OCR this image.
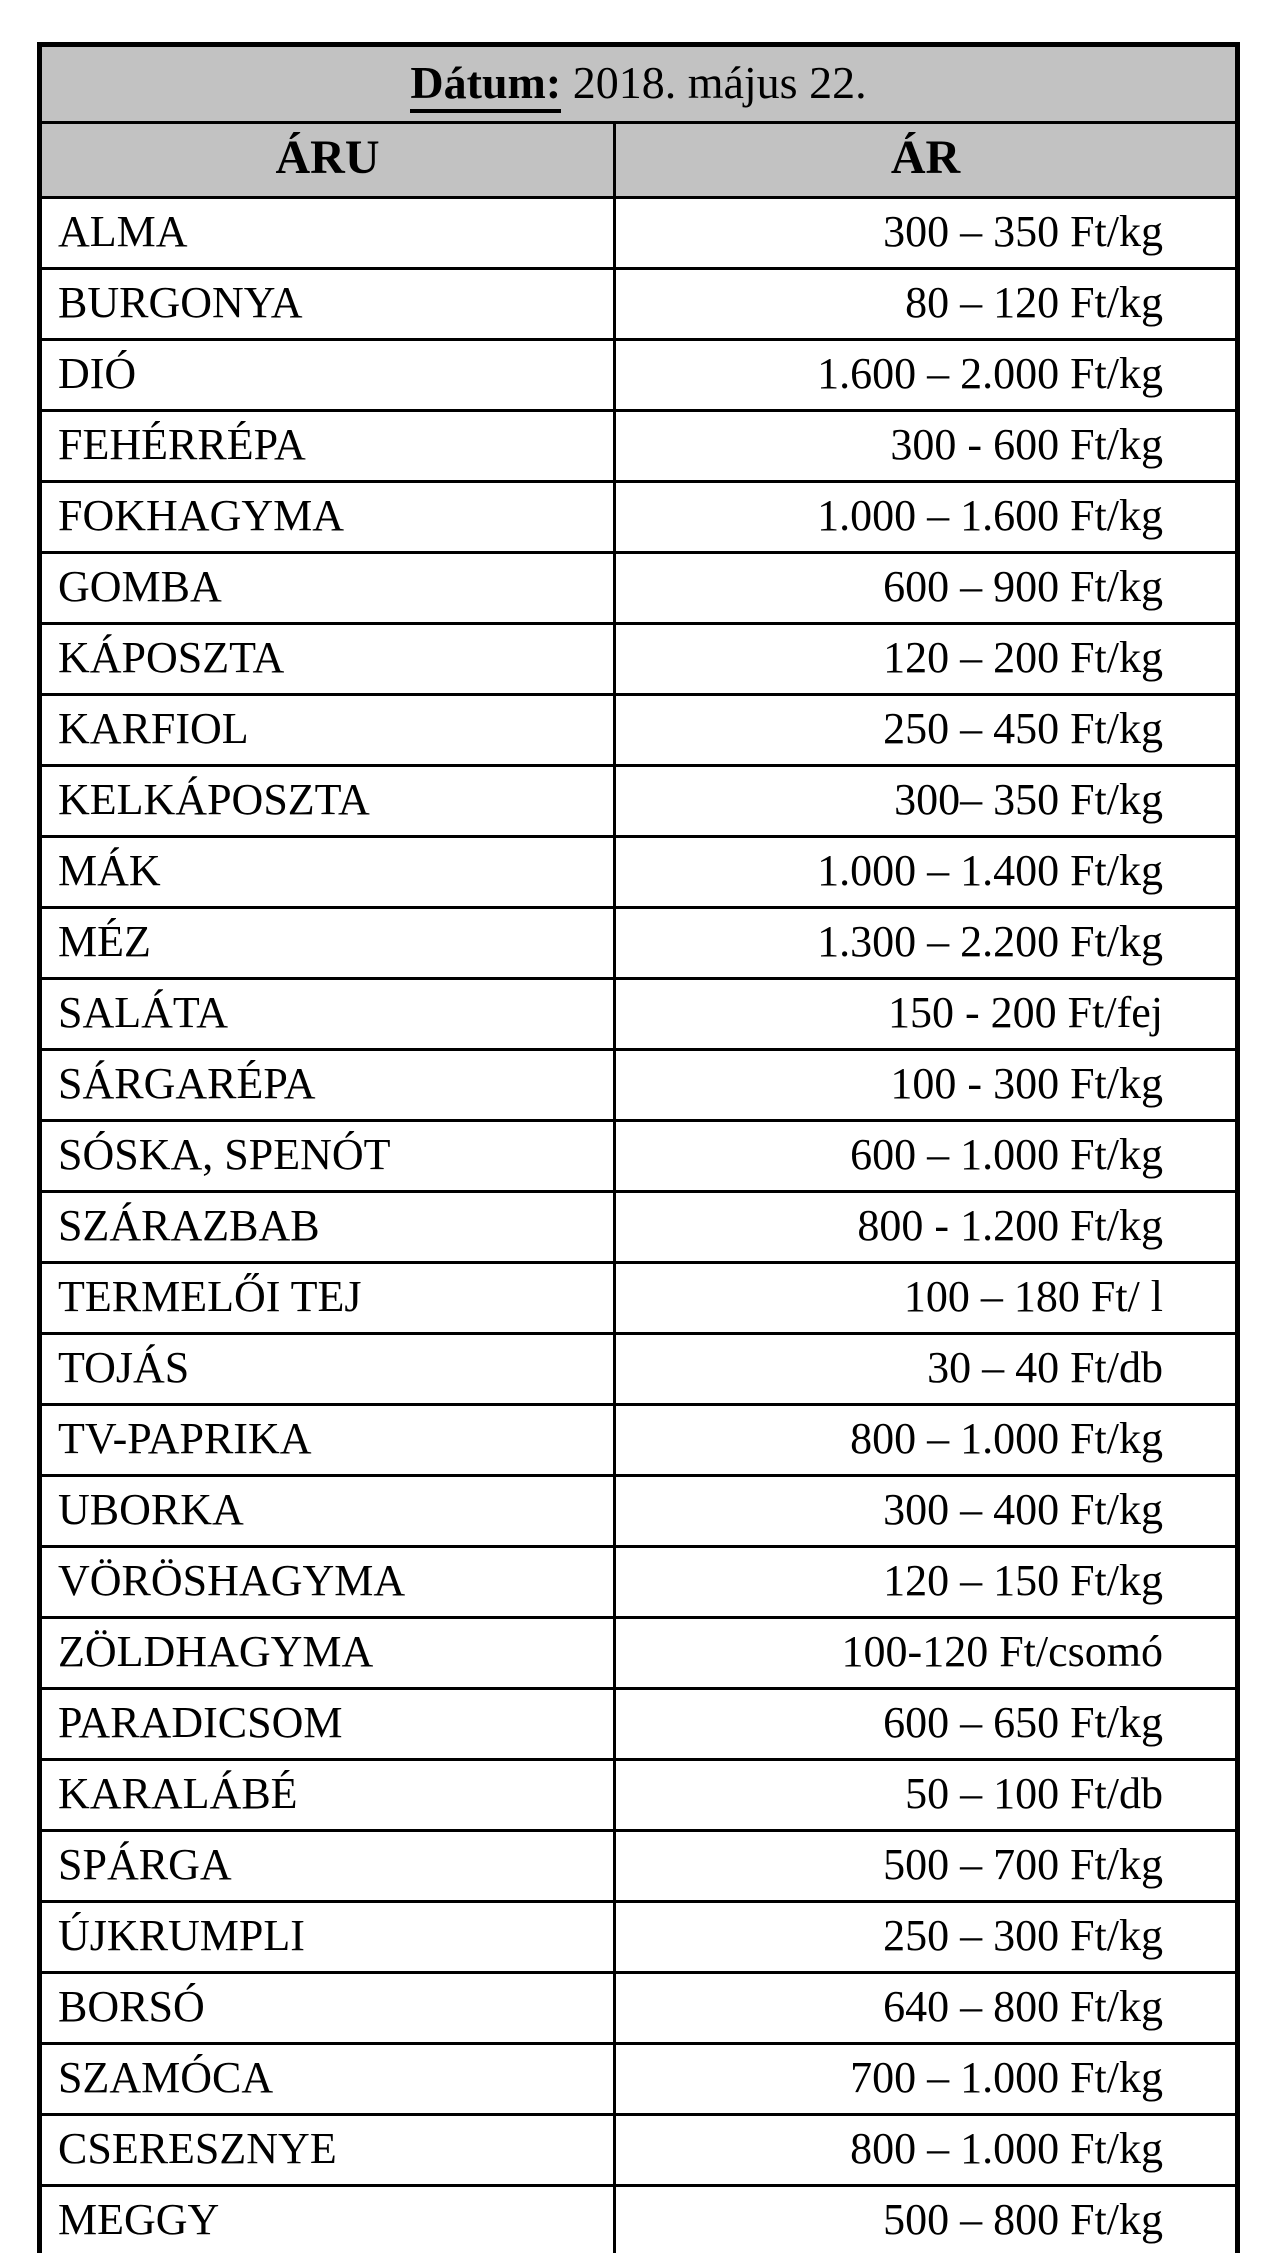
Dátum: 2018. május 22.	
ÁRU	ÁR
ALMA	300 – 350 Ft/kg
BURGONYA	80 – 120 Ft/kg
DIÓ	1.600 – 2.000 Ft/kg
FEHÉRRÉPA	300 - 600 Ft/kg
FOKHAGYMA	1.000 – 1.600 Ft/kg
GOMBA	600 – 900 Ft/kg
KÁPOSZTA	120 – 200 Ft/kg
KARFIOL	250 – 450 Ft/kg
KELKÁPOSZTA	300– 350 Ft/kg
MÁK	1.000 – 1.400 Ft/kg
MÉZ	1.300 – 2.200 Ft/kg
SALÁTA	150 - 200 Ft/fej
SÁRGARÉPA	100 - 300 Ft/kg
SÓSKA, SPENÓT	600 – 1.000 Ft/kg
SZÁRAZBAB	800 - 1.200 Ft/kg
TERMELŐI TEJ	100 – 180 Ft/ l
TOJÁS	30 – 40 Ft/db
TV-PAPRIKA	800 – 1.000 Ft/kg
UBORKA	300 – 400 Ft/kg
VÖRÖSHAGYMA	120 – 150 Ft/kg
ZÖLDHAGYMA	100-120 Ft/csomó
PARADICSOM	600 – 650 Ft/kg
KARALÁBÉ	50 – 100 Ft/db
SPÁRGA	500 – 700 Ft/kg
ÚJKRUMPLI	250 – 300 Ft/kg
BORSÓ	640 – 800 Ft/kg
SZAMÓCA	700 – 1.000 Ft/kg
CSERESZNYE	800 – 1.000 Ft/kg
MEGGY	500 – 800 Ft/kg
